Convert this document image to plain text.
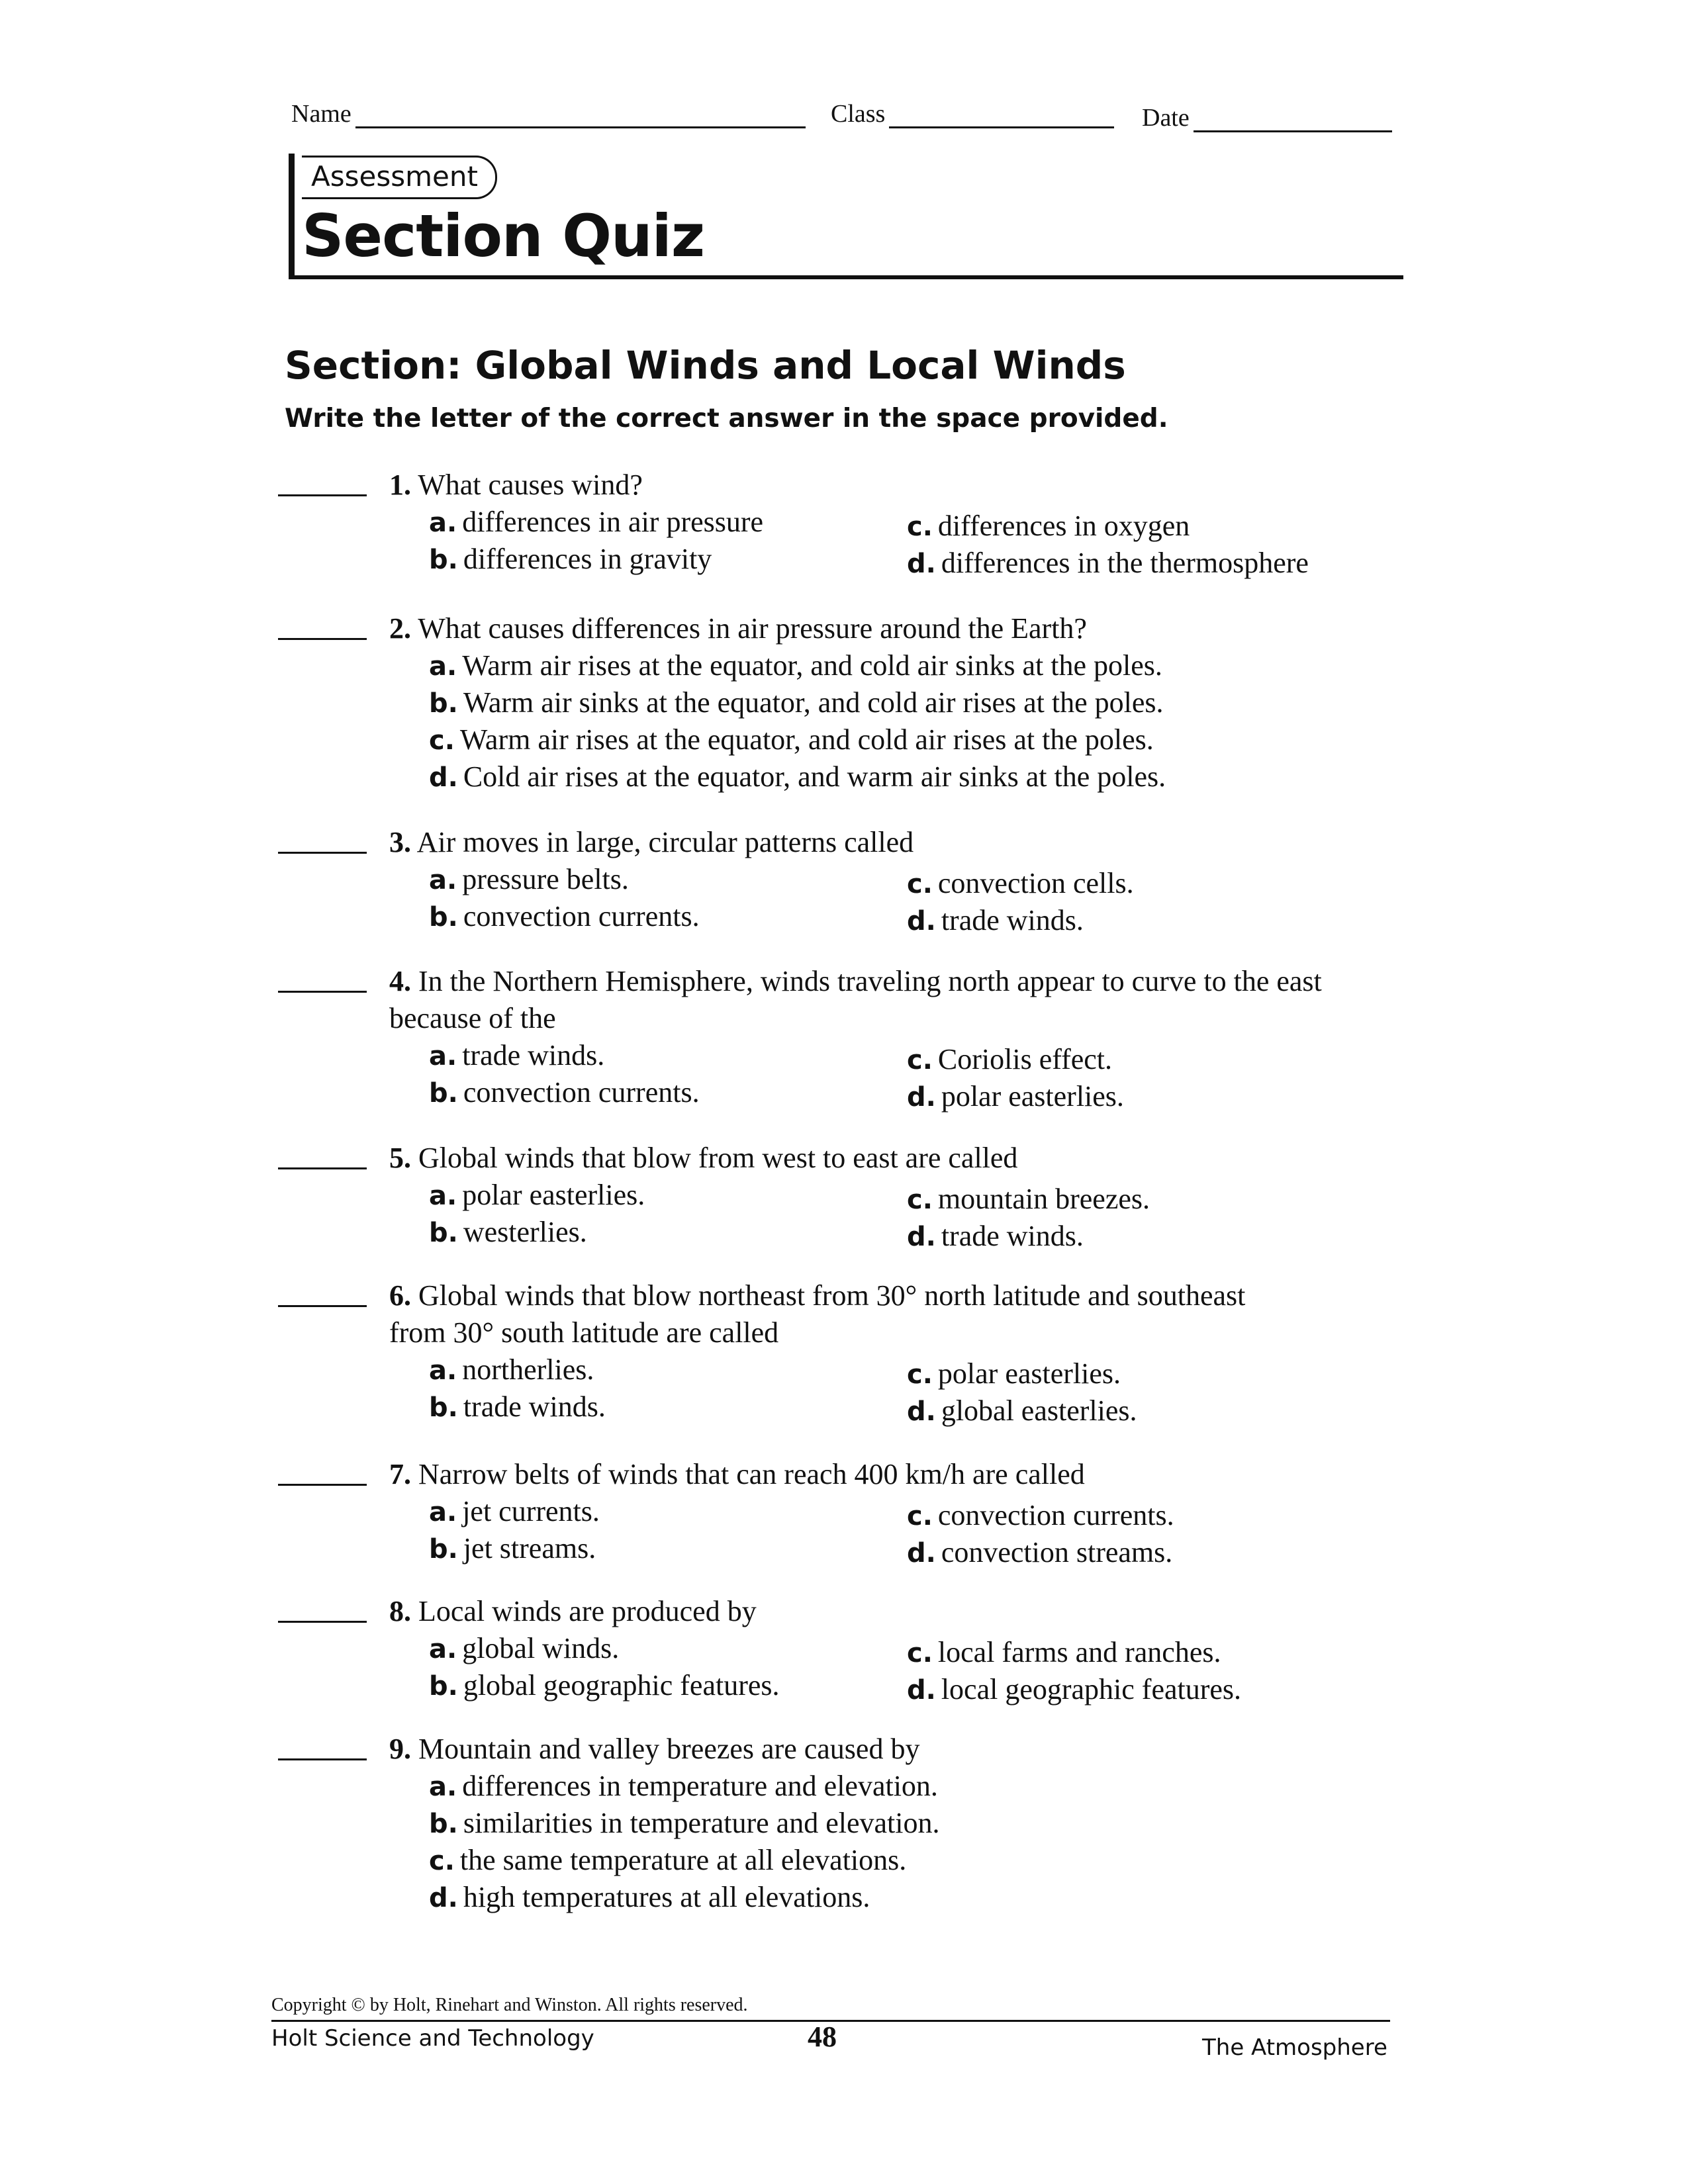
Name	Class	Date
Assessment
Section Quiz
Section: Global Winds and Local Winds
Write the letter of the correct answer in the space provided.
1. What causes wind?
a. differences in air pressure
b. differences in gravity
c. differences in oxygen
d. differences in the thermosphere
2. What causes differences in air pressure around the Earth?
a. Warm air rises at the equator, and cold air sinks at the poles.
b. Warm air sinks at the equator, and cold air rises at the poles.
c. Warm air rises at the equator, and cold air rises at the poles.
d. Cold air rises at the equator, and warm air sinks at the poles.
3. Air moves in large, circular patterns called
a. pressure belts.
b. convection currents.
c. convection cells.
d. trade winds.
4. In the Northern Hemisphere, winds traveling north appear to curve to the east because of the
a. trade winds.
b. convection currents.
c. Coriolis effect.
d. polar easterlies.
5. Global winds that blow from west to east are called
a. polar easterlies.
b. westerlies.
c. mountain breezes.
d. trade winds.
6. Global winds that blow northeast from 30° north latitude and southeast from 30° south latitude are called
a. northerlies.
b. trade winds.
c. polar easterlies.
d. global easterlies.
7. Narrow belts of winds that can reach 400 km/h are called
a. jet currents.
b. jet streams.
c. convection currents.
d. convection streams.
8. Local winds are produced by
a. global winds.
b. global geographic features.
c. local farms and ranches.
d. local geographic features.
9. Mountain and valley breezes are caused by
a. differences in temperature and elevation.
b. similarities in temperature and elevation.
c. the same temperature at all elevations.
d. high temperatures at all elevations.
Copyright © by Holt, Rinehart and Winston. All rights reserved.
Holt Science and Technology	48	The Atmosphere
